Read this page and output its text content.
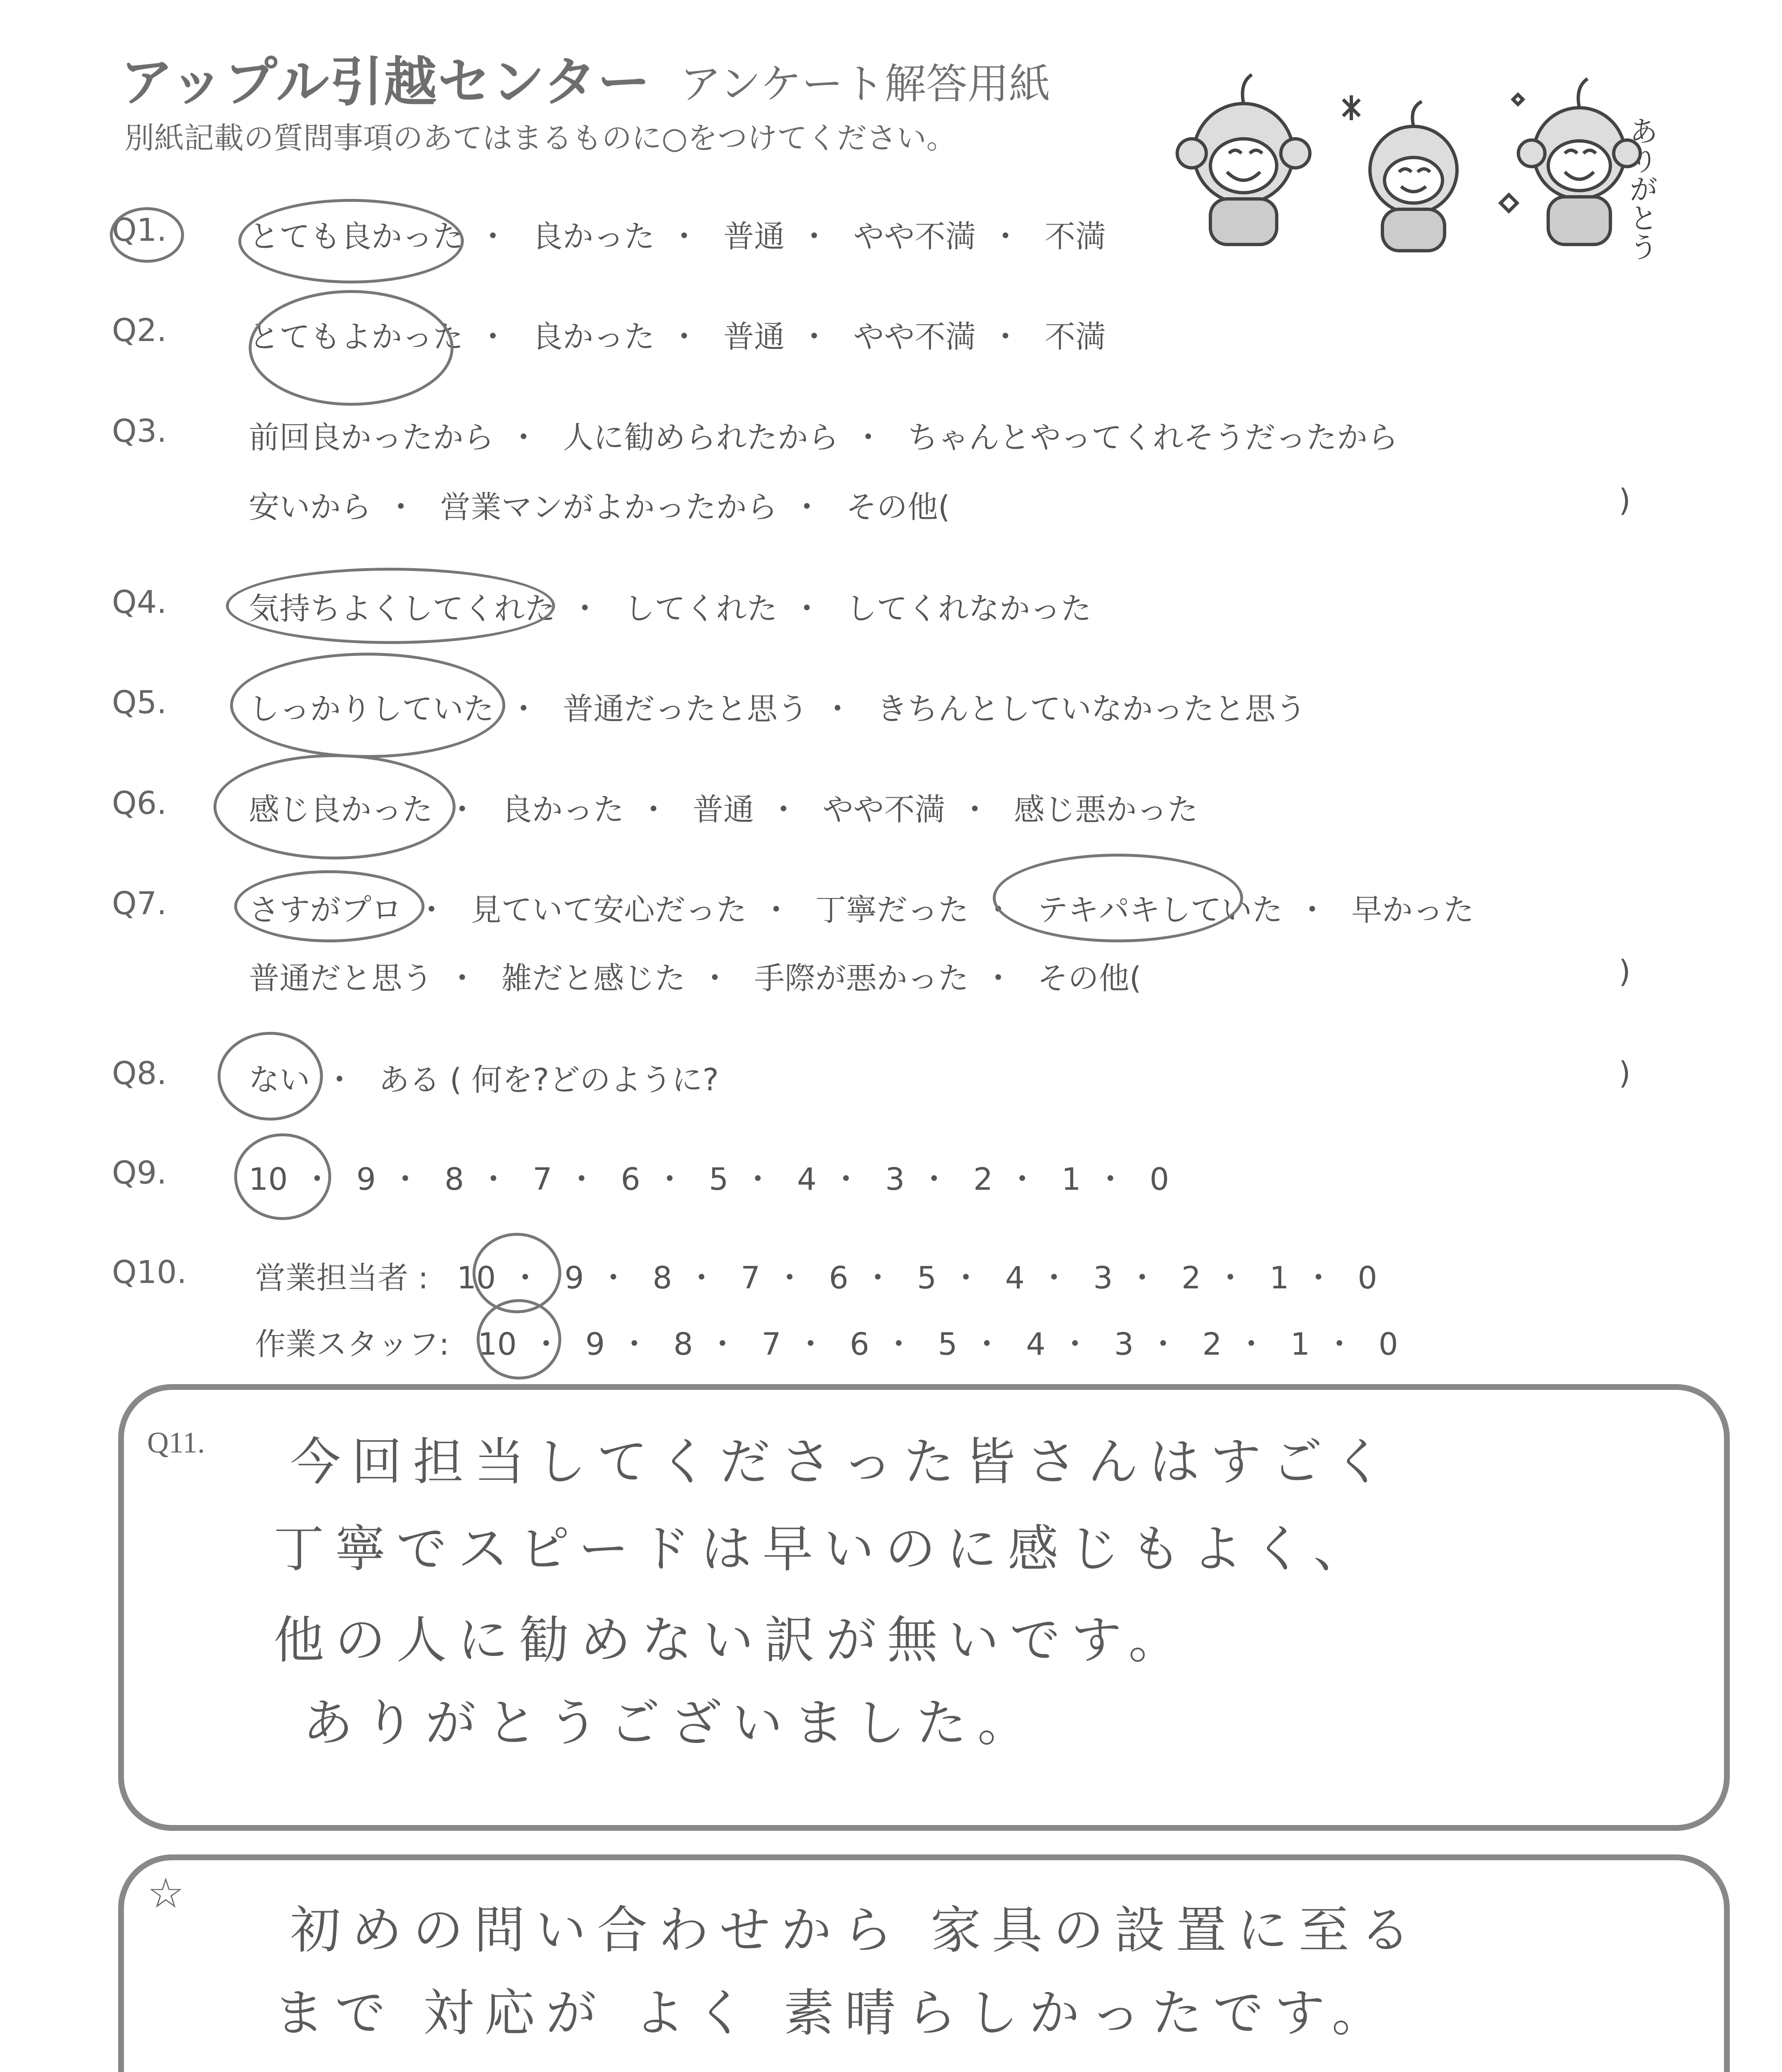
アップル引越センター アンケート解答用紙
別紙記載の質問事項のあてはまるものに○をつけてください。	ありがとう
Q1.	とても良かった ・ 良かった ・ 普通 ・ やや不満 ・ 不満
Q2.	とてもよかった ・ 良かった ・ 普通 ・ やや不満 ・ 不満
Q3.	前回良かったから ・ 人に勧められたから ・ ちゃんとやってくれそうだったから
安いから ・ 営業マンがよかったから ・ その他(	)
Q4.	気持ちよくしてくれた ・ してくれた ・ してくれなかった
Q5.	しっかりしていた ・ 普通だったと思う ・ きちんとしていなかったと思う
Q6.	感じ良かった ・ 良かった ・ 普通 ・ やや不満 ・ 感じ悪かった
Q7.	さすがプロ ・ 見ていて安心だった ・ 丁寧だった ・ テキパキしていた ・ 早かった
普通だと思う ・ 雑だと感じた ・ 手際が悪かった ・ その他(	)
Q8.	ない ・ ある ( 何を?どのように?	)
Q9.	10 ・ 9 ・ 8 ・ 7 ・ 6 ・ 5 ・ 4 ・ 3 ・ 2 ・ 1 ・ 0
Q10. 営業担当者 : 10 ・ 9 ・ 8 ・ 7 ・ 6 ・ 5 ・ 4 ・ 3 ・ 2 ・ 1 ・ 0
作業スタッフ: 10 ・ 9 ・ 8 ・ 7 ・ 6 ・ 5 ・ 4 ・ 3 ・ 2 ・ 1 ・ 0
Q11. 今回担当してくださった皆さんはすごく
丁寧でスピードは早いのに感じもよく、
他の人に勧めない訳が無いです。
ありがとうございました。
☆
初めの問い合わせから 家具の設置に至る
まで 対応が よく 素晴らしかったです。
